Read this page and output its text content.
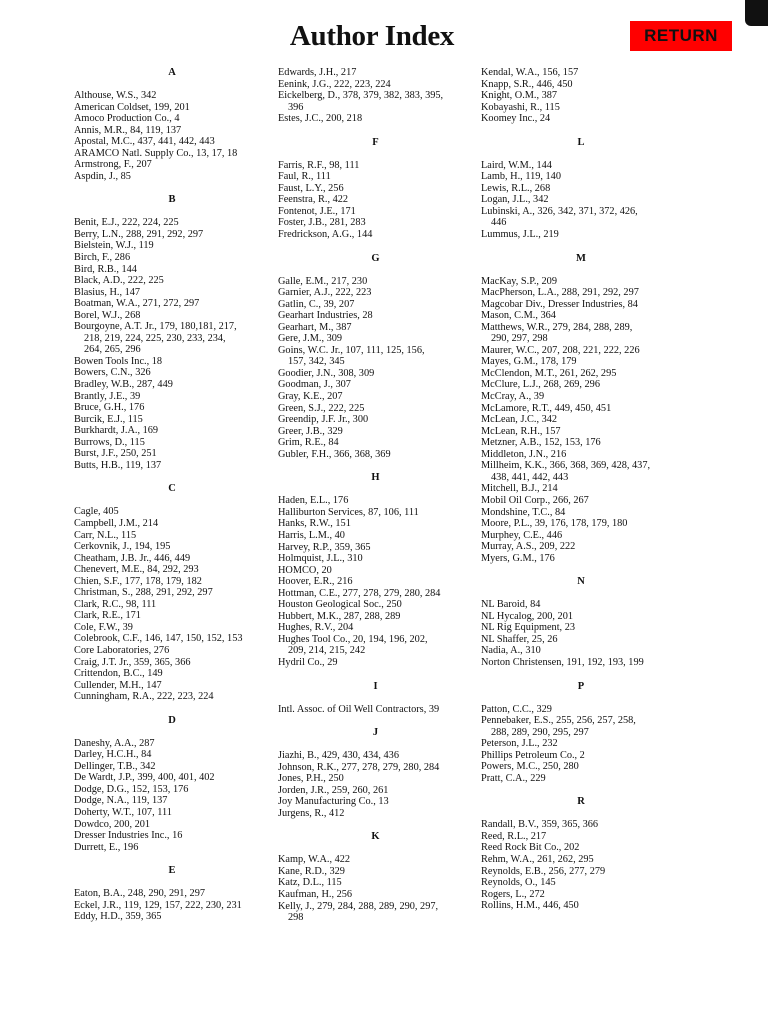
Author Index	RETURN
A
Althouse, W.S., 342
American Coldset, 199, 201
Amoco Production Co., 4
Annis, M.R., 84, 119, 137
Apostal, M.C., 437, 441, 442, 443
ARAMCO Natl. Supply Co., 13, 17, 18
Armstrong, F., 207
Aspdin, J., 85
B
Benit, E.J., 222, 224, 225
Berry, L.N., 288, 291, 292, 297
Bielstein, W.J., 119
Birch, F., 286
Bird, R.B., 144
Black, A.D., 222, 225
Blasius, H., 147
Boatman, W.A., 271, 272, 297
Borel, W.J., 268
Bourgoyne, A.T. Jr., 179, 180,181, 217,
218, 219, 224, 225, 230, 233, 234,
264, 265, 296
Bowen Tools Inc., 18
Bowers, C.N., 326
Bradley, W.B., 287, 449
Brantly, J.E., 39
Bruce, G.H., 176
Burcik, E.J., 115
Burkhardt, J.A., 169
Burrows, D., 115
Burst, J.F., 250, 251
Butts, H.B., 119, 137
C
Cagle, 405
Campbell, J.M., 214
Carr, N.L., 115
Cerkovnik, J., 194, 195
Cheatham, J.B. Jr., 446, 449
Chenevert, M.E., 84, 292, 293
Chien, S.F., 177, 178, 179, 182
Christman, S., 288, 291, 292, 297
Clark, R.C., 98, 111
Clark, R.E., 171
Cole, F.W., 39
Colebrook, C.F., 146, 147, 150, 152, 153
Core Laboratories, 276
Craig, J.T. Jr., 359, 365, 366
Crittendon, B.C., 149
Cullender, M.H., 147
Cunningham, R.A., 222, 223, 224
D
Daneshy, A.A., 287
Darley, H.C.H., 84
Dellinger, T.B., 342
De Wardt, J.P., 399, 400, 401, 402
Dodge, D.G., 152, 153, 176
Dodge, N.A., 119, 137
Doherty, W.T., 107, 111
Dowdco, 200, 201
Dresser Industries Inc., 16
Durrett, E., 196
E
Eaton, B.A., 248, 290, 291, 297
Eckel, J.R., 119, 129, 157, 222, 230, 231
Eddy, H.D., 359, 365
Edwards, J.H., 217
Eenink, J.G., 222, 223, 224
Eickelberg, D., 378, 379, 382, 383, 395,
396
Estes, J.C., 200, 218
F
Farris, R.F., 98, 111
Faul, R., 111
Faust, L.Y., 256
Feenstra, R., 422
Fontenot, J.E., 171
Foster, J.B., 281, 283
Fredrickson, A.G., 144
G
Galle, E.M., 217, 230
Garnier, A.J., 222, 223
Gatlin, C., 39, 207
Gearhart Industries, 28
Gearhart, M., 387
Gere, J.M., 309
Goins, W.C. Jr., 107, 111, 125, 156,
157, 342, 345
Goodier, J.N., 308, 309
Goodman, J., 307
Gray, K.E., 207
Green, S.J., 222, 225
Greendip, J.F. Jr., 300
Greer, J.B., 329
Grim, R.E., 84
Gubler, F.H., 366, 368, 369
H
Haden, E.L., 176
Halliburton Services, 87, 106, 111
Hanks, R.W., 151
Harris, L.M., 40
Harvey, R.P., 359, 365
Holmquist, J.L., 310
HOMCO, 20
Hoover, E.R., 216
Hottman, C.E., 277, 278, 279, 280, 284
Houston Geological Soc., 250
Hubbert, M.K., 287, 288, 289
Hughes, R.V., 204
Hughes Tool Co., 20, 194, 196, 202,
209, 214, 215, 242
Hydril Co., 29
I
Intl. Assoc. of Oil Well Contractors, 39
J
Jiazhi, B., 429, 430, 434, 436
Johnson, R.K., 277, 278, 279, 280, 284
Jones, P.H., 250
Jorden, J.R., 259, 260, 261
Joy Manufacturing Co., 13
Jurgens, R., 412
K
Kamp, W.A., 422
Kane, R.D., 329
Katz, D.L., 115
Kaufman, H., 256
Kelly, J., 279, 284, 288, 289, 290, 297,
298
Kendal, W.A., 156, 157
Knapp, S.R., 446, 450
Knight, O.M., 387
Kobayashi, R., 115
Koomey Inc., 24
L
Laird, W.M., 144
Lamb, H., 119, 140
Lewis, R.L., 268
Logan, J.L., 342
Lubinski, A., 326, 342, 371, 372, 426,
446
Lummus, J.L., 219
M
MacKay, S.P., 209
MacPherson, L.A., 288, 291, 292, 297
Magcobar Div., Dresser Industries, 84
Mason, C.M., 364
Matthews, W.R., 279, 284, 288, 289,
290, 297, 298
Maurer, W.C., 207, 208, 221, 222, 226
Mayes, G.M., 178, 179
McClendon, M.T., 261, 262, 295
McClure, L.J., 268, 269, 296
McCray, A., 39
McLamore, R.T., 449, 450, 451
McLean, J.C., 342
McLean, R.H., 157
Metzner, A.B., 152, 153, 176
Middleton, J.N., 216
Millheim, K.K., 366, 368, 369, 428, 437,
438, 441, 442, 443
Mitchell, B.J., 214
Mobil Oil Corp., 266, 267
Mondshine, T.C., 84
Moore, P.L., 39, 176, 178, 179, 180
Murphey, C.E., 446
Murray, A.S., 209, 222
Myers, G.M., 176
N
NL Baroid, 84
NL Hycalog, 200, 201
NL Rig Equipment, 23
NL Shaffer, 25, 26
Nadia, A., 310
Norton Christensen, 191, 192, 193, 199
P
Patton, C.C., 329
Pennebaker, E.S., 255, 256, 257, 258,
288, 289, 290, 295, 297
Peterson, J.L., 232
Phillips Petroleum Co., 2
Powers, M.C., 250, 280
Pratt, C.A., 229
R
Randall, B.V., 359, 365, 366
Reed, R.L., 217
Reed Rock Bit Co., 202
Rehm, W.A., 261, 262, 295
Reynolds, E.B., 256, 277, 279
Reynolds, O., 145
Rogers, L., 272
Rollins, H.M., 446, 450
